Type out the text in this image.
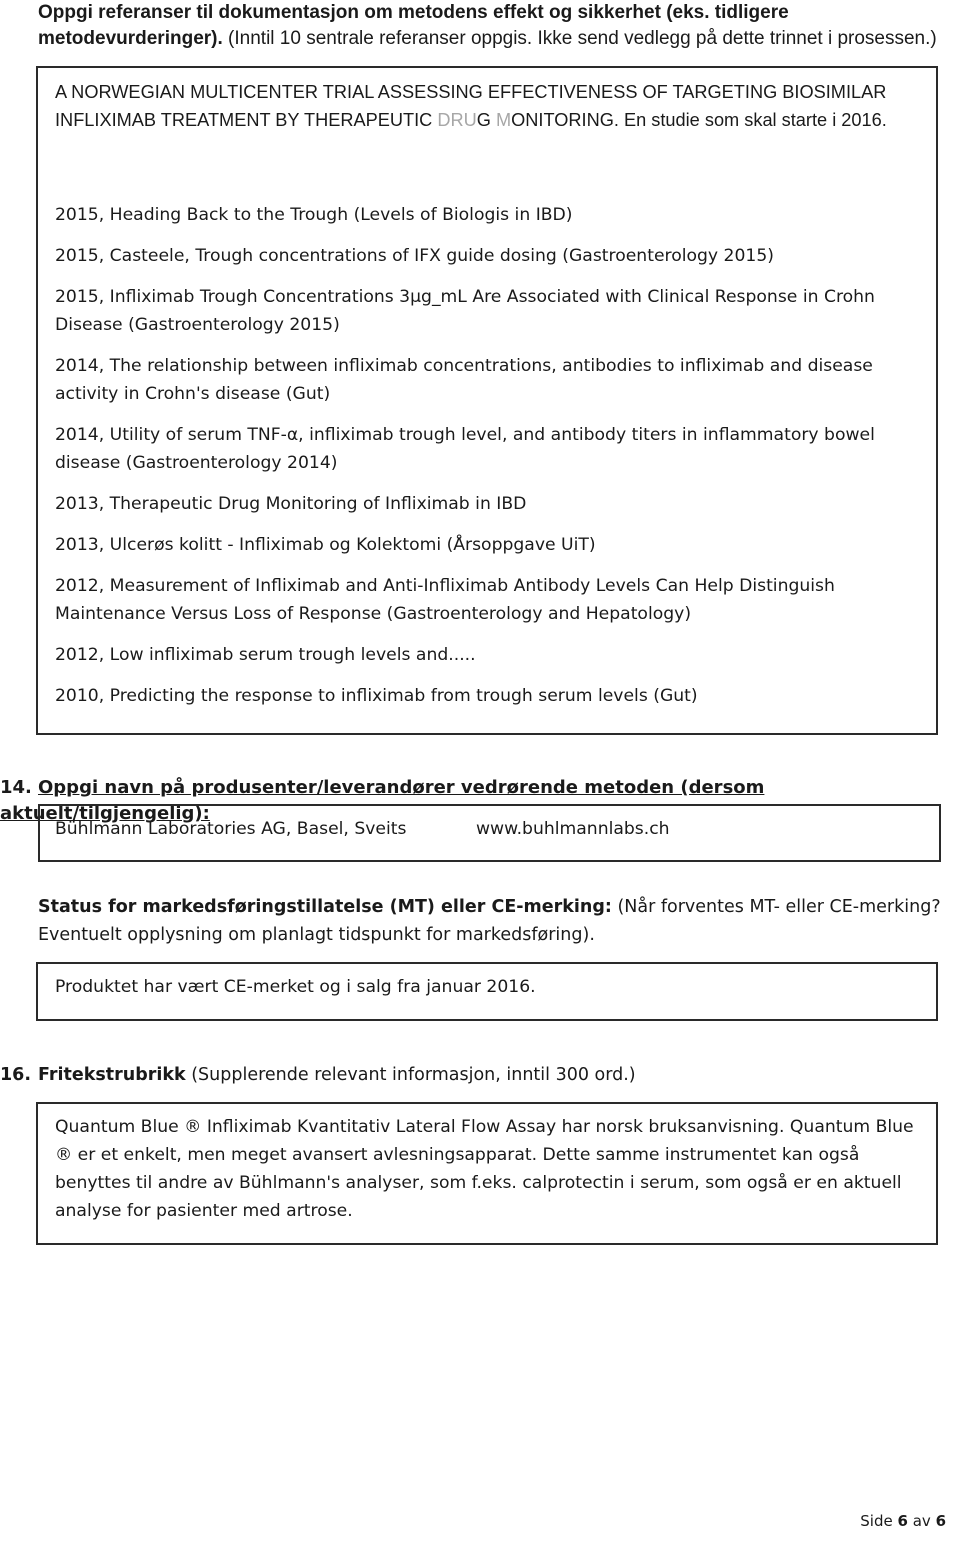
Oppgi referanser til dokumentasjon om metodens effekt og sikkerhet (eks. tidligere metodevurderinger). (Inntil 10 sentrale referanser oppgis. Ikke send vedlegg på dette trinnet i prosessen.)
A NORWEGIAN MULTICENTER TRIAL ASSESSING EFFECTIVENESS OF TARGETING BIOSIMILAR INFLIXIMAB TREATMENT BY THERAPEUTIC DRUG MONITORING. En studie som skal starte i 2016.

2015, Heading Back to the Trough (Levels of Biologis in IBD)

2015, Casteele, Trough concentrations of IFX guide dosing (Gastroenterology 2015)

2015, Infliximab Trough Concentrations 3µg_mL Are Associated with Clinical Response in Crohn Disease (Gastroenterology 2015)

2014, The relationship between infliximab concentrations, antibodies to infliximab and disease activity in Crohn's disease (Gut)

2014, Utility of serum TNF-α, infliximab trough level, and antibody titers in inflammatory bowel disease (Gastroenterology 2014)

2013, Therapeutic Drug Monitoring of Infliximab in IBD

2013, Ulcerøs kolitt - Infliximab og Kolektomi (Årsoppgave UiT)

2012, Measurement of Infliximab and Anti-Infliximab Antibody Levels Can Help Distinguish Maintenance Versus Loss of Response (Gastroenterology and Hepatology)

2012, Low infliximab serum trough levels and.....

2010, Predicting the response to infliximab from trough serum levels (Gut)

14. Oppgi navn på produsenter/leverandører vedrørende metoden (dersom aktuelt/tilgjengelig):
Bühlmann Laboratories AG, Basel, Sveits	www.buhlmannlabs.ch
Status for markedsføringstillatelse (MT) eller CE-merking: (Når forventes MT- eller CE-merking? Eventuelt opplysning om planlagt tidspunkt for markedsføring).
Produktet har vært CE-merket og i salg fra januar 2016.
16. Fritekstrubrikk (Supplerende relevant informasjon, inntil 300 ord.)
Quantum Blue ® Infliximab Kvantitativ Lateral Flow Assay har norsk bruksanvisning. Quantum Blue ® er et enkelt, men meget avansert avlesningsapparat. Dette samme instrumentet kan også benyttes til andre av Bühlmann's analyser, som f.eks. calprotectin i serum, som også er en aktuell analyse for pasienter med artrose.
Side 6 av 6
